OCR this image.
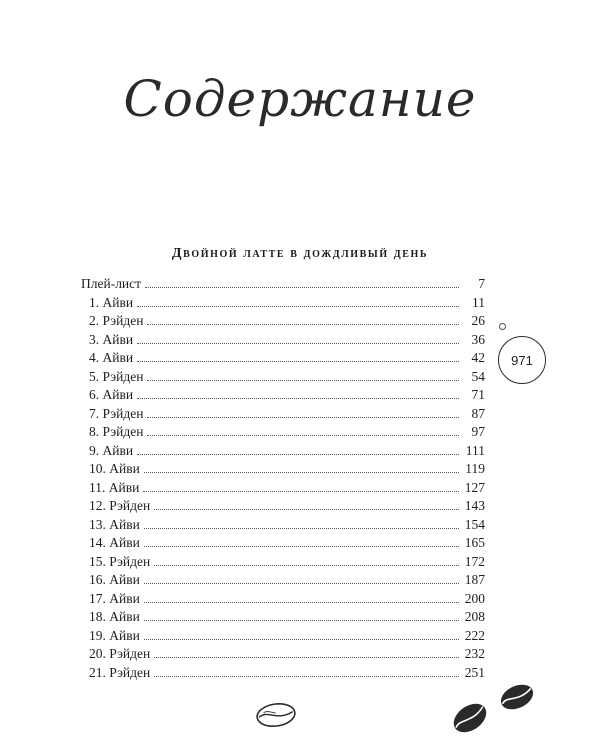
Содержание
Двойной латте в дождливый день
Плей-лист	7
1. Айви	11
2. Рэйден	26
3. Айви	36
4. Айви	42
5. Рэйден	54
6. Айви	71
7. Рэйден	87
8. Рэйден	97
9. Айви	111
10. Айви	119
11. Айви	127
12. Рэйден	143
13. Айви	154
14. Айви	165
15. Рэйден	172
16. Айви	187
17. Айви	200
18. Айви	208
19. Айви	222
20. Рэйден	232
21. Рэйден	251
971
